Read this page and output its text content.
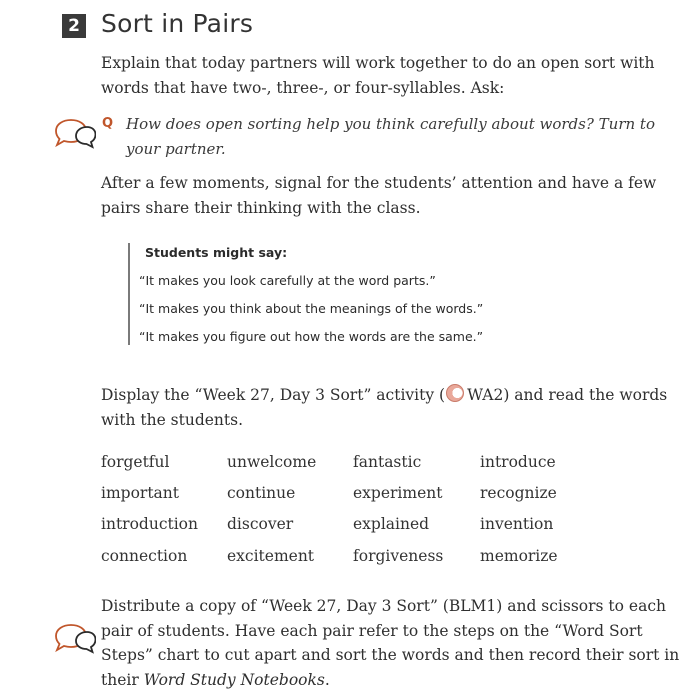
2 Sort in Pairs
Explain that today partners will work together to do an open sort with words that have two-, three-, or four-syllables. Ask:
Q How does open sorting help you think carefully about words? Turn to your partner.
After a few moments, signal for the students’ attention and have a few pairs share their thinking with the class.
Students might say:
“It makes you look carefully at the word parts.”
“It makes you think about the meanings of the words.”
“It makes you figure out how the words are the same.”
Display the “Week 27, Day 3 Sort” activity ( WA2) and read the words with the students.
forgetful	unwelcome fantastic	introduce
important	continue	experiment recognize
introduction discover	explained	invention
connection	excitement	forgiveness memorize
Distribute a copy of “Week 27, Day 3 Sort” (BLM1) and scissors to each pair of students. Have each pair refer to the steps on the “Word Sort Steps” chart to cut apart and sort the words and then record their sort in their Word Study Notebooks.
